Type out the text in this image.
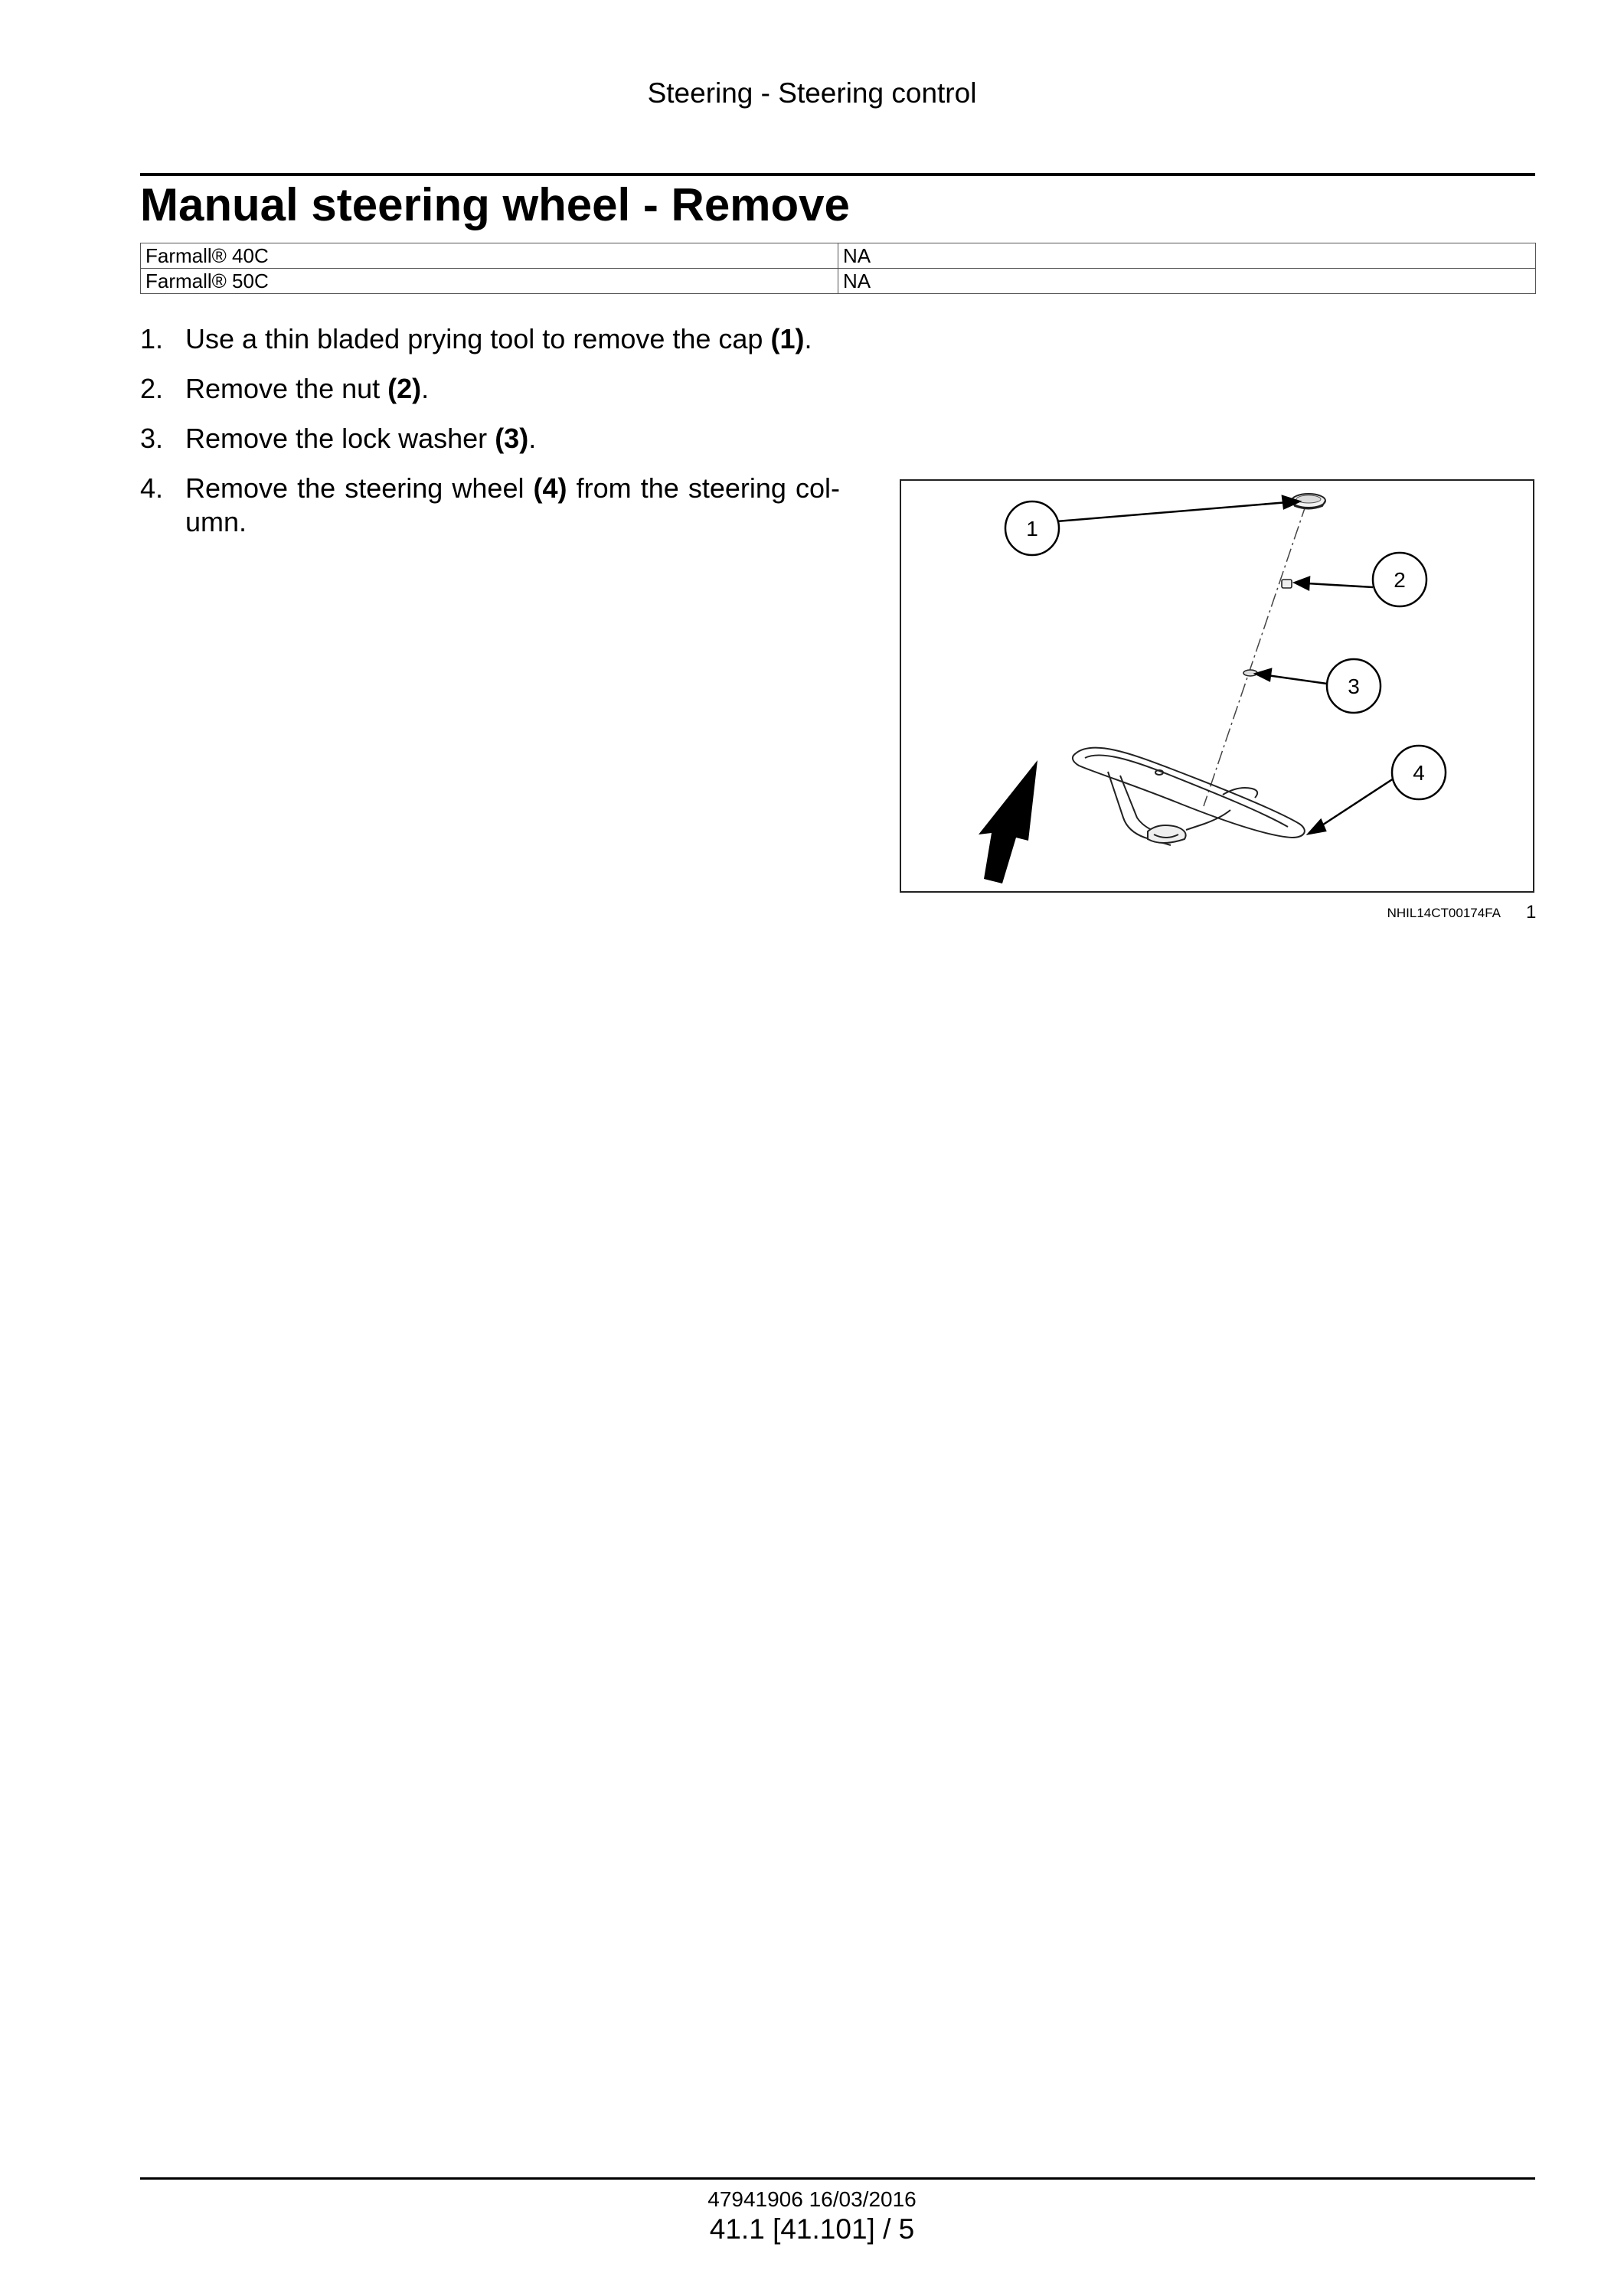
Steering - Steering control
Manual steering wheel - Remove
Farmall® 40C	NA
Farmall® 50C	NA
1. Use a thin bladed prying tool to remove the cap (1).
2. Remove the nut (2).
3. Remove the lock washer (3).
4. Remove the steering wheel (4) from the steering col- umn.	1
2
3
4
NHIL14CT00174FA 1
47941906 16/03/2016
41.1 [41.101] / 5
